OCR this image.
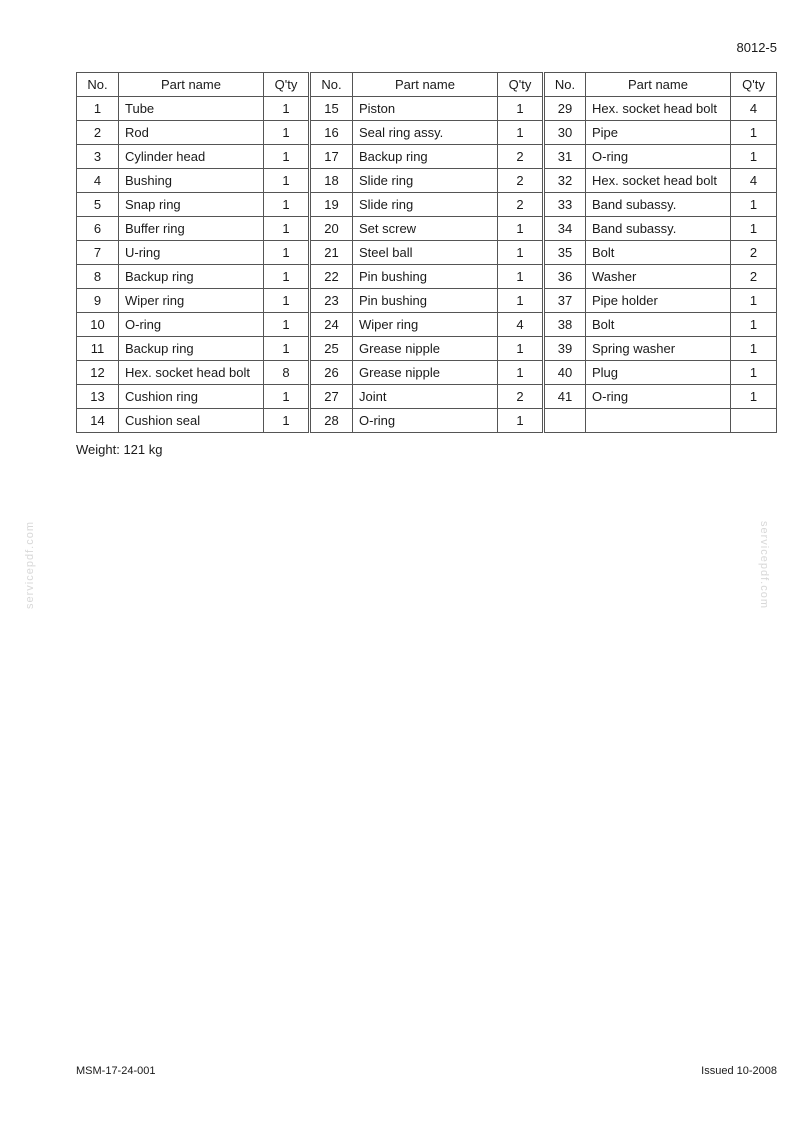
8012-5
No.	Part name	Q'ty	No.	Part name	Q'ty	No.	Part name	Q'ty
1	Tube	1	15	Piston	1	29	Hex. socket head bolt	4
2	Rod	1	16	Seal ring assy.	1	30	Pipe	1
3	Cylinder head	1	17	Backup ring	2	31	O-ring	1
4	Bushing	1	18	Slide ring	2	32	Hex. socket head bolt	4
5	Snap ring	1	19	Slide ring	2	33	Band subassy.	1
6	Buffer ring	1	20	Set screw	1	34	Band subassy.	1
7	U-ring	1	21	Steel ball	1	35	Bolt	2
8	Backup ring	1	22	Pin bushing	1	36	Washer	2
9	Wiper ring	1	23	Pin bushing	1	37	Pipe holder	1
10	O-ring	1	24	Wiper ring	4	38	Bolt	1
11	Backup ring	1	25	Grease nipple	1	39	Spring washer	1
12	Hex. socket head bolt	8	26	Grease nipple	1	40	Plug	1
13	Cushion ring	1	27	Joint	2	41	O-ring	1
14	Cushion seal	1	28	O-ring	1			
Weight: 121 kg
servicepdf.com	servicepdf.com
MSM-17-24-001	Issued 10-2008
